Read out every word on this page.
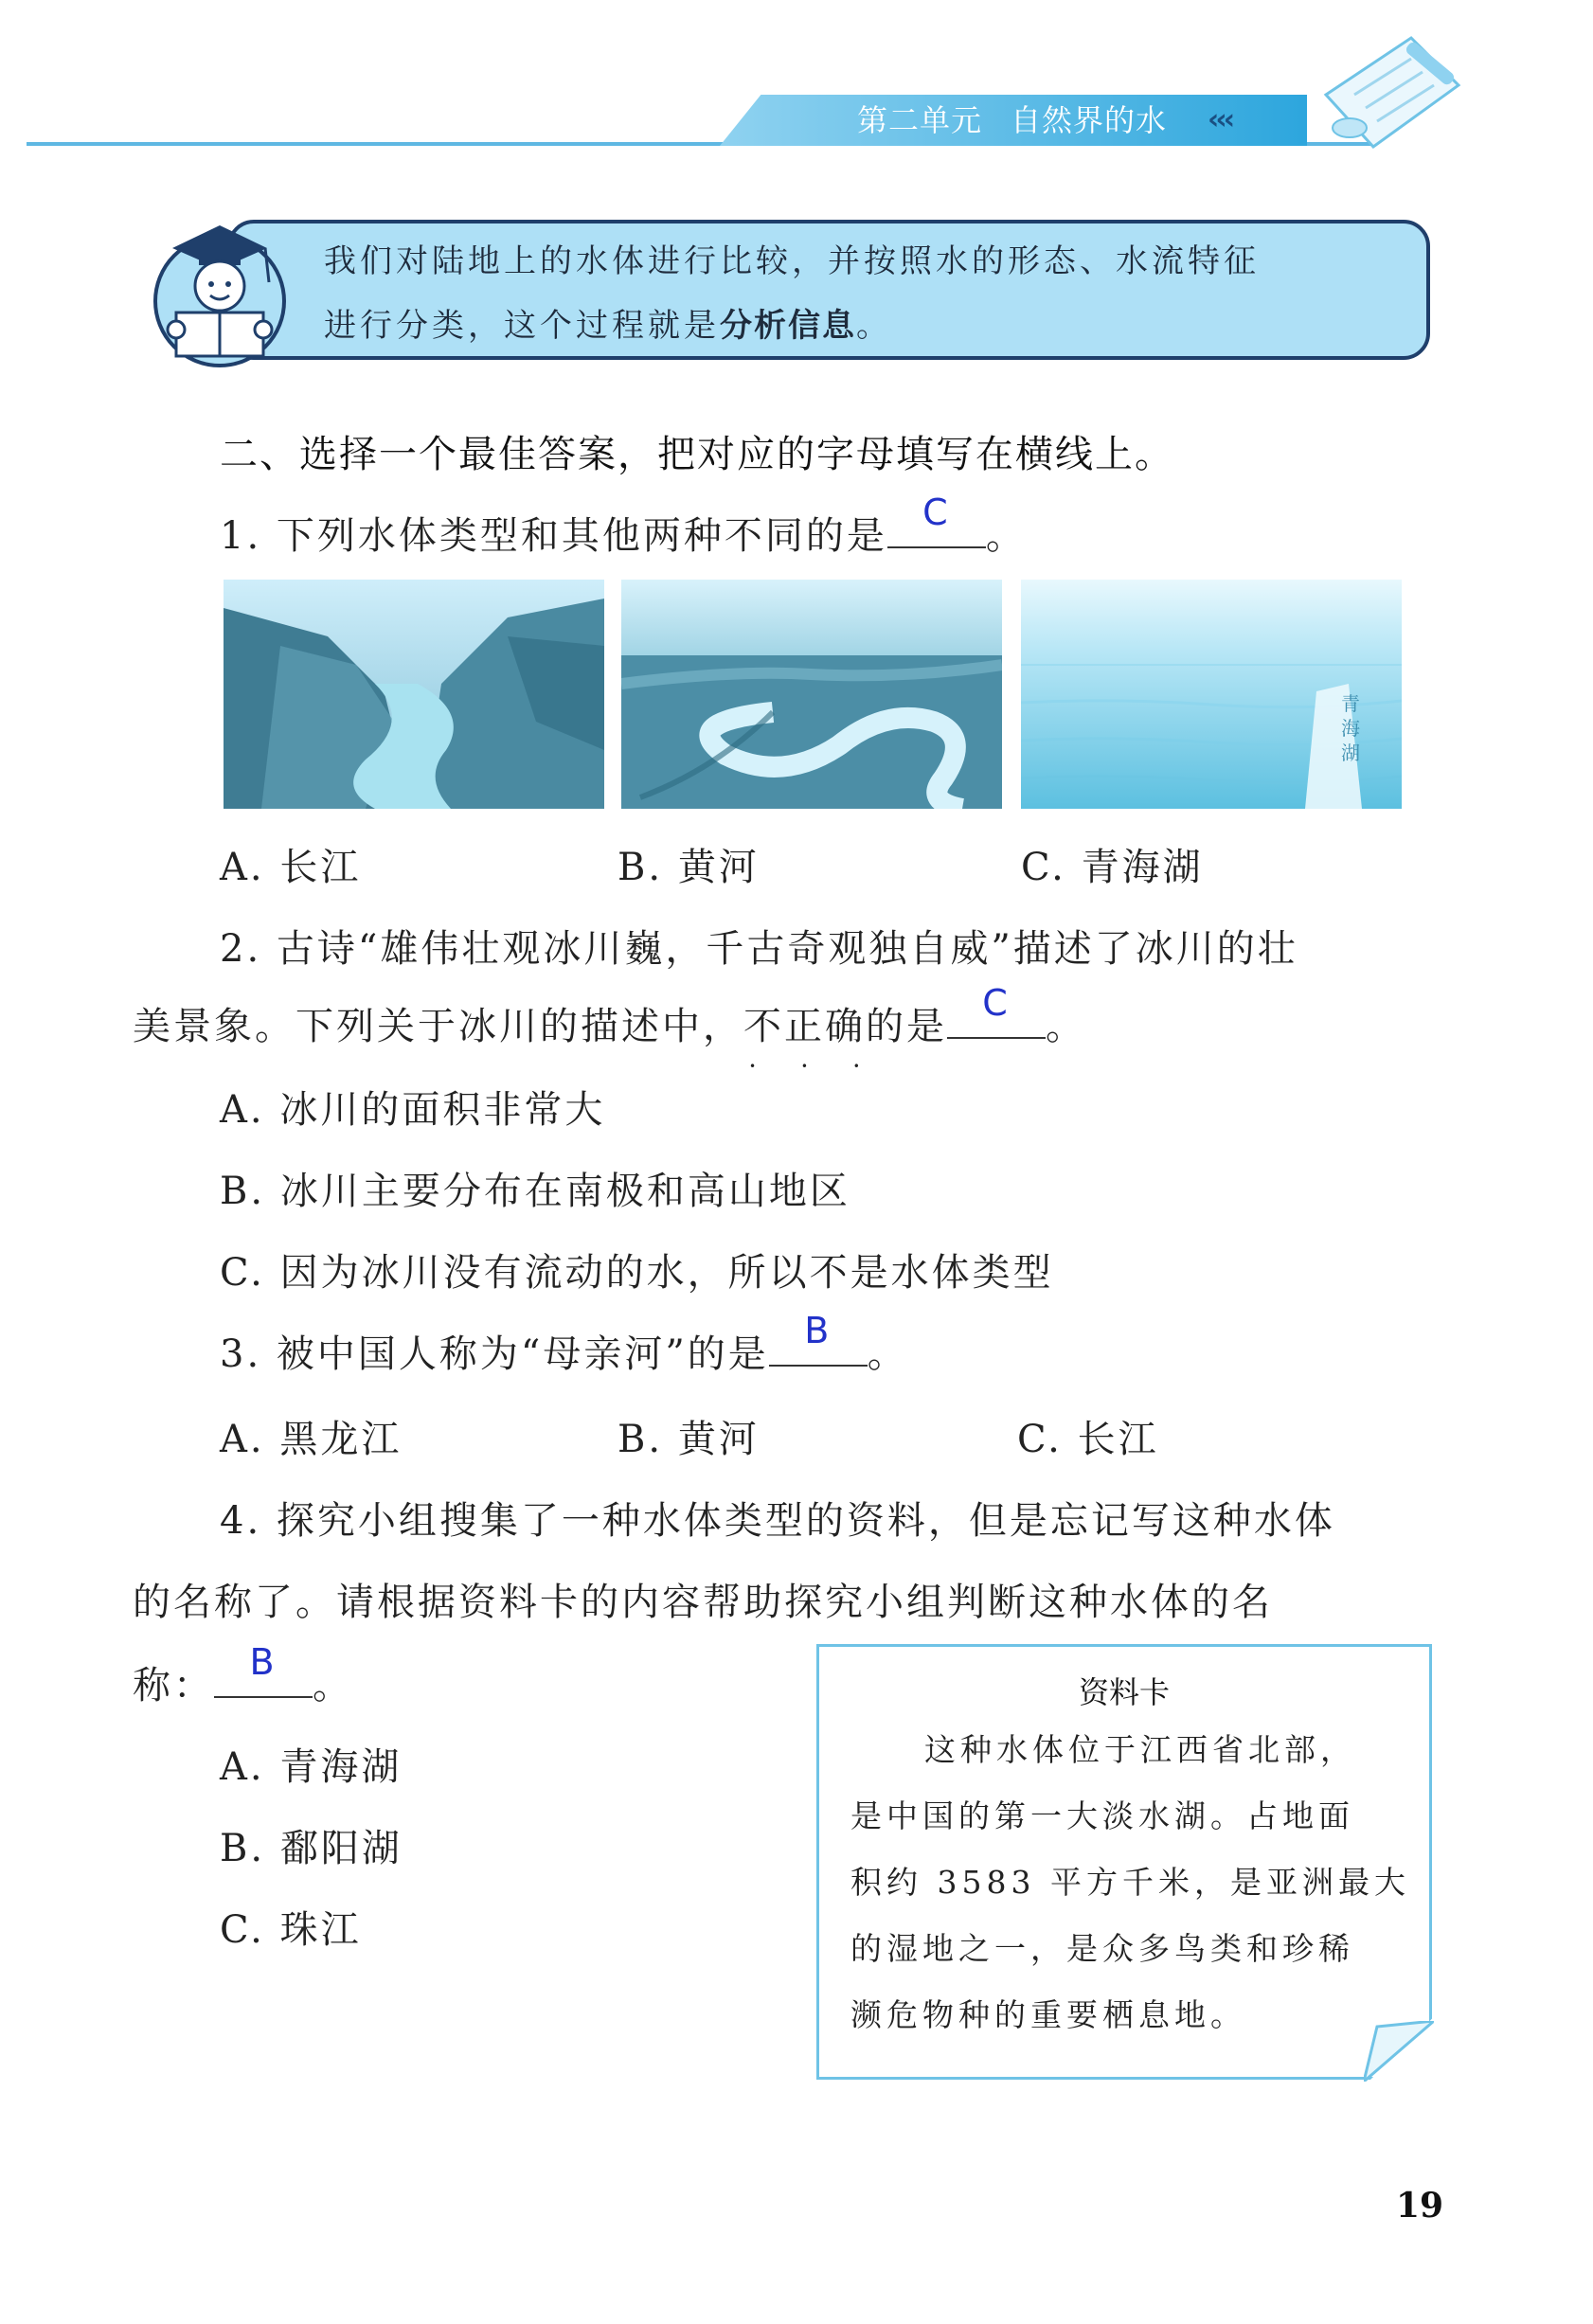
第二单元 自然界的水 ‹‹‹
我们对陆地上的水体进行比较，并按照水的形态、水流特征
进行分类，这个过程就是分析信息。
二、选择一个最佳答案，把对应的字母填写在横线上。
1. 下列水体类型和其他两种不同的是
C
。
青
海
湖
A. 长江	B. 黄河	C. 青海湖
2. 古诗“雄伟壮观冰川巍，千古奇观独自威”描述了冰川的壮
美景象。下列关于冰川的描述中，不正确 • • •的是
C
。
A. 冰川的面积非常大
B. 冰川主要分布在南极和高山地区
C. 因为冰川没有流动的水，所以不是水体类型
3. 被中国人称为“母亲河”的是
B
。
A. 黑龙江	B. 黄河	C. 长江
4. 探究小组搜集了一种水体类型的资料，但是忘记写这种水体
的名称了。请根据资料卡的内容帮助探究小组判断这种水体的名
称：
B
。
A. 青海湖
B. 鄱阳湖
C. 珠江
资料卡
这种水体位于江西省北部，
是中国的第一大淡水湖。占地面
积约 3583 平方千米，是亚洲最大
的湿地之一，是众多鸟类和珍稀
濒危物种的重要栖息地。
19
